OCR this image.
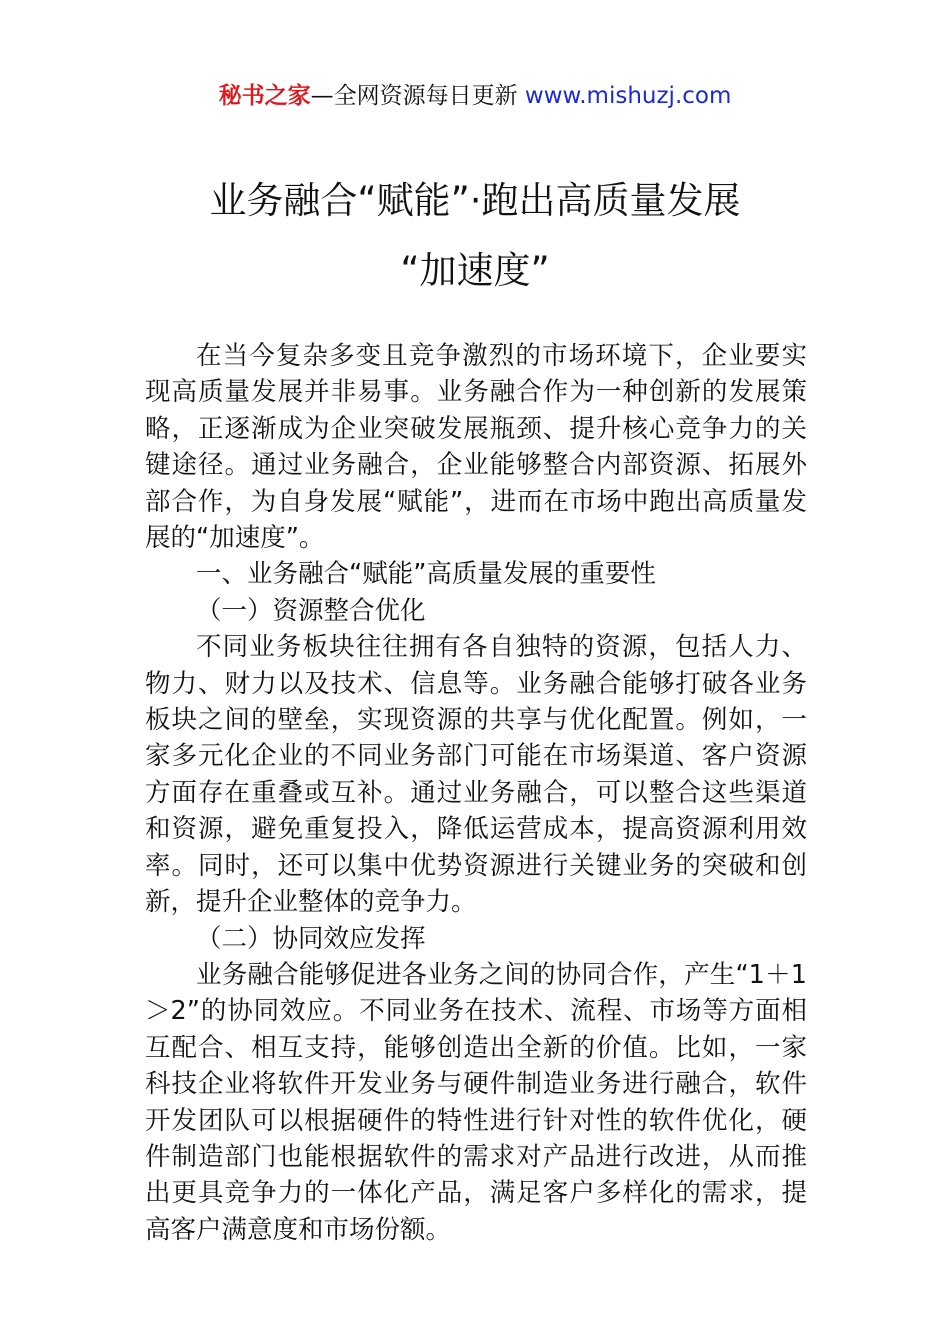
秘书之家—全网资源每日更新 www.mishuzj.com
业务融合“赋能”·跑出高质量发展
“加速度”

在当今复杂多变且竞争激烈的市场环境下，企业要实现高质量发展并非易事。业务融合作为一种创新的发展策略，正逐渐成为企业突破发展瓶颈、提升核心竞争力的关键途径。通过业务融合，企业能够整合内部资源、拓展外部合作，为自身发展“赋能”，进而在市场中跑出高质量发展的“加速度”。

一、业务融合“赋能”高质量发展的重要性

（一）资源整合优化

不同业务板块往往拥有各自独特的资源，包括人力、物力、财力以及技术、信息等。业务融合能够打破各业务板块之间的壁垒，实现资源的共享与优化配置。例如，一家多元化企业的不同业务部门可能在市场渠道、客户资源方面存在重叠或互补。通过业务融合，可以整合这些渠道和资源，避免重复投入，降低运营成本，提高资源利用效率。同时，还可以集中优势资源进行关键业务的突破和创新，提升企业整体的竞争力。

（二）协同效应发挥

业务融合能够促进各业务之间的协同合作，产生“1＋1＞2”的协同效应。不同业务在技术、流程、市场等方面相互配合、相互支持，能够创造出全新的价值。比如，一家科技企业将软件开发业务与硬件制造业务进行融合，软件开发团队可以根据硬件的特性进行针对性的软件优化，硬件制造部门也能根据软件的需求对产品进行改进，从而推出更具竞争力的一体化产品，满足客户多样化的需求，提高客户满意度和市场份额。
